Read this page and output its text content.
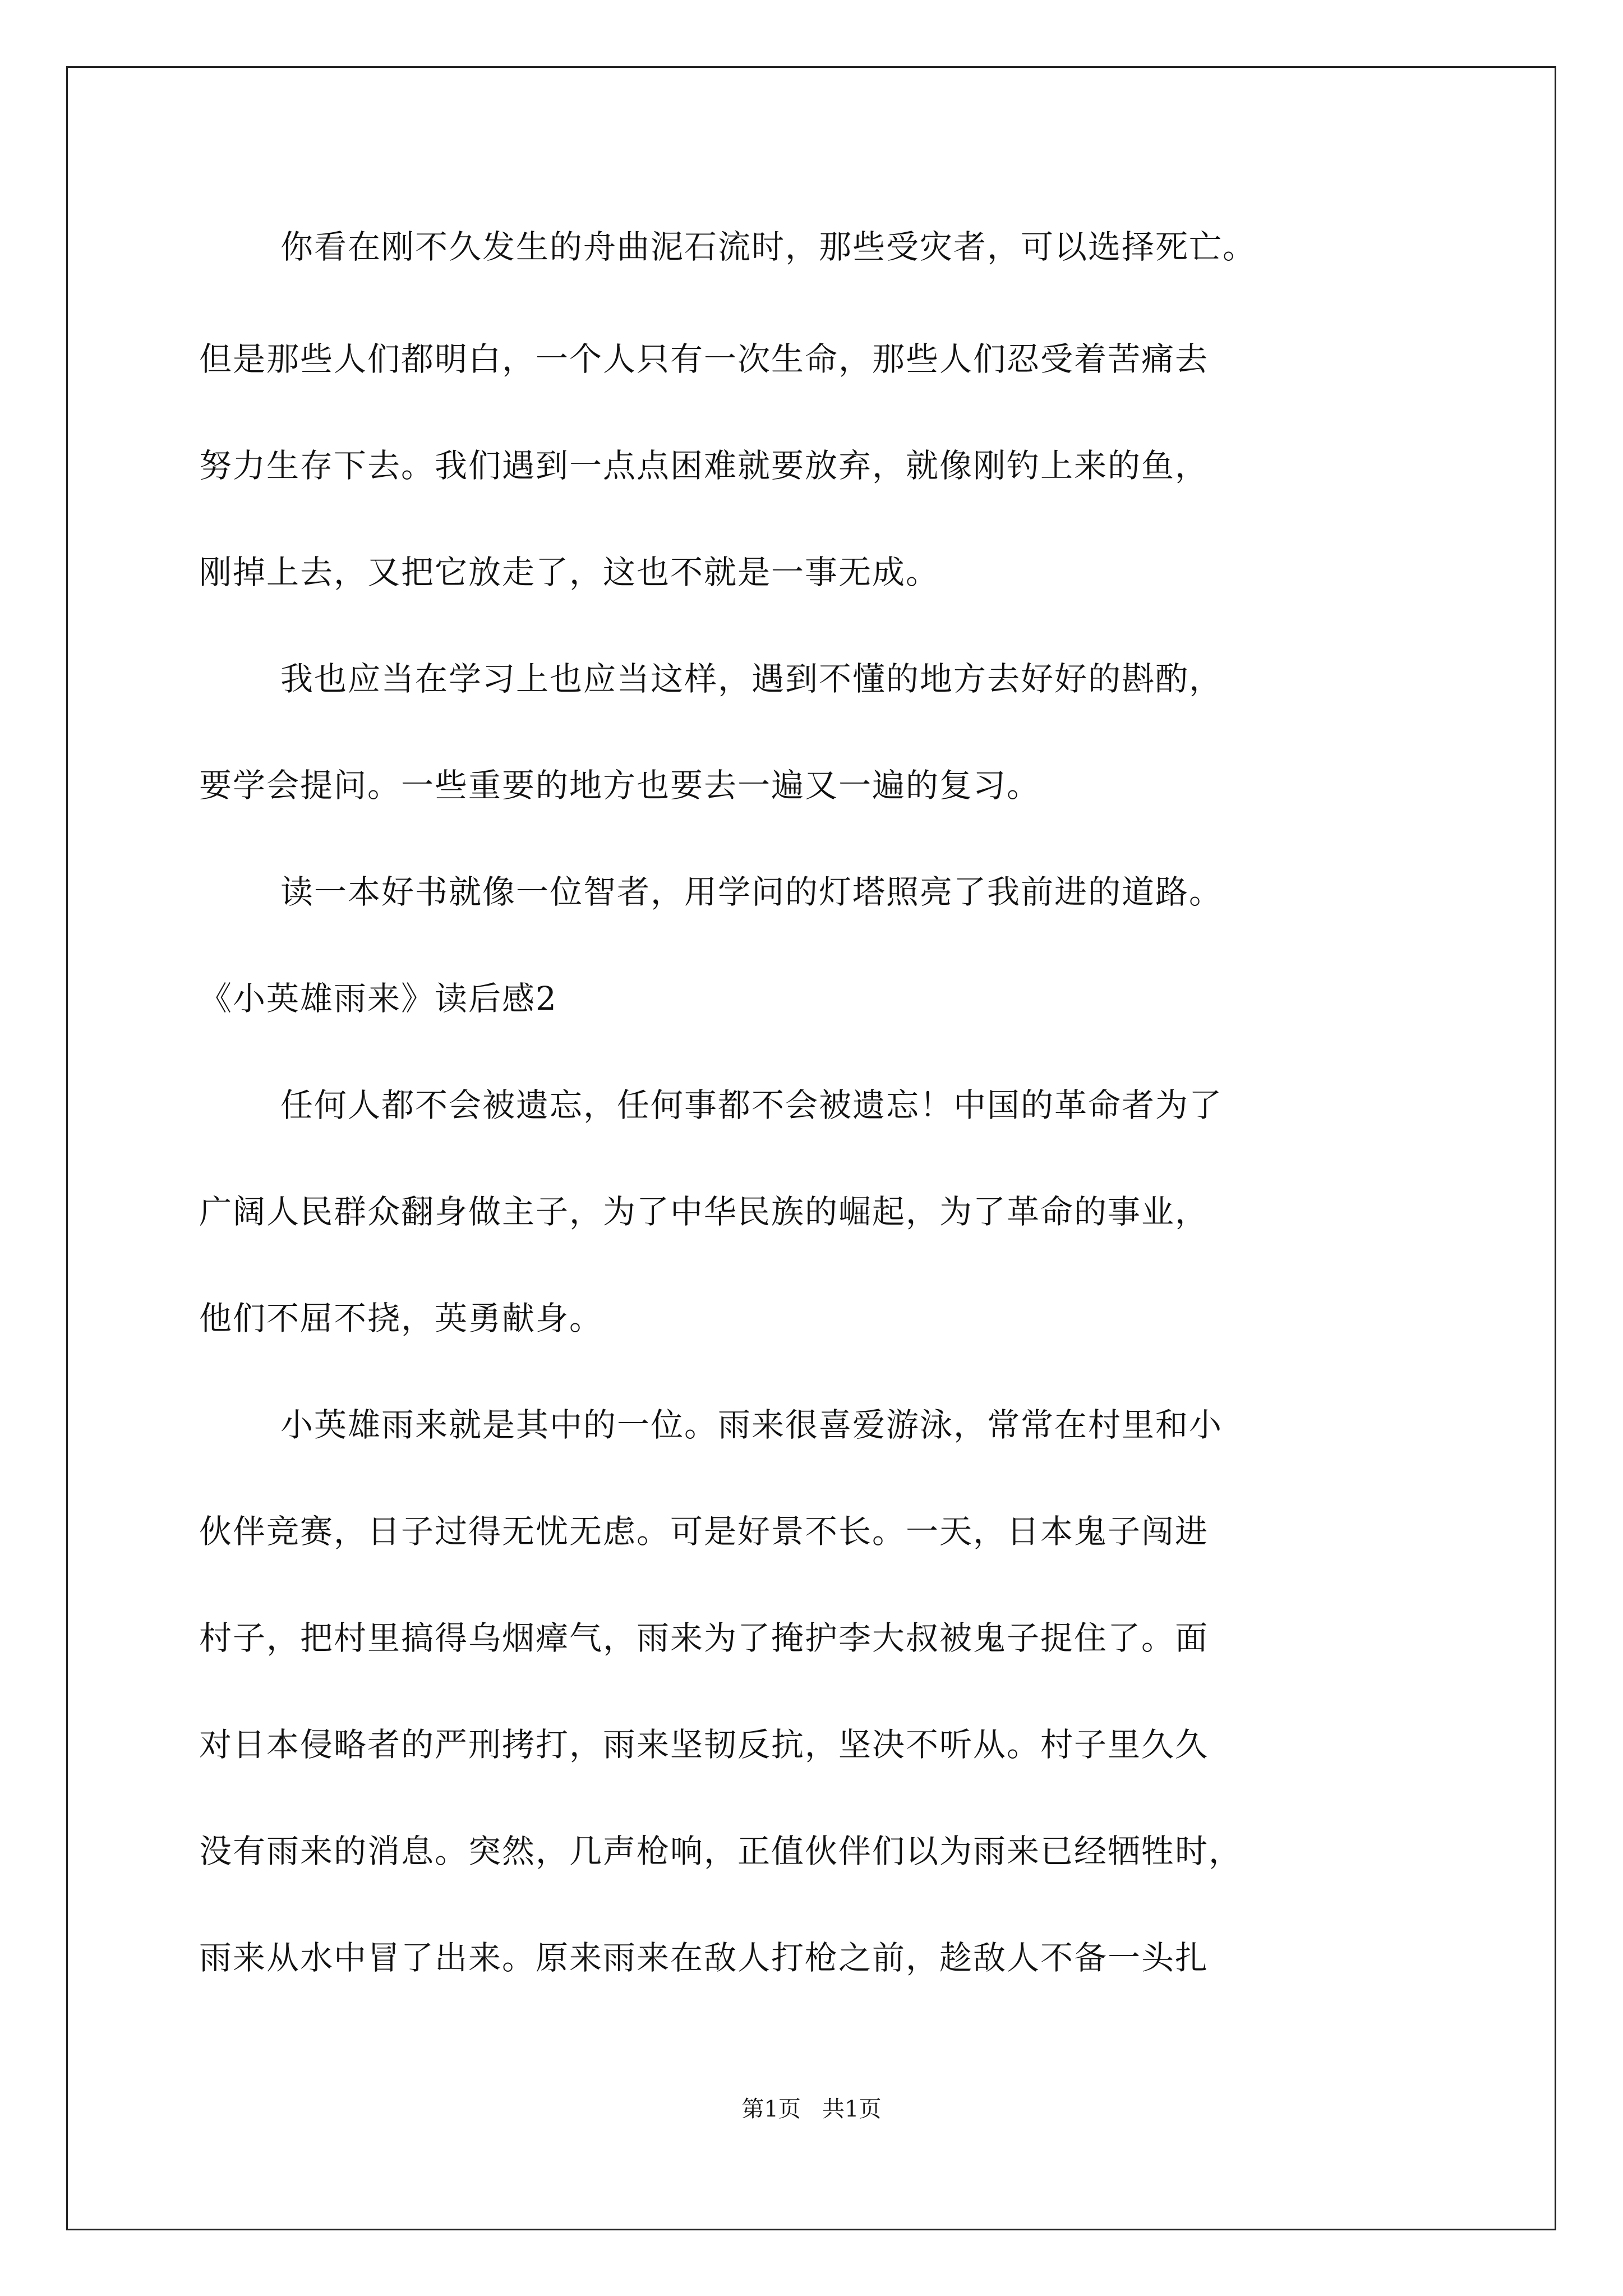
你看在刚不久发生的舟曲泥石流时，那些受灾者，可以选择死亡。
但是那些人们都明白，一个人只有一次生命，那些人们忍受着苦痛去
努力生存下去。我们遇到一点点困难就要放弃，就像刚钓上来的鱼，
刚掉上去，又把它放走了，这也不就是一事无成。
我也应当在学习上也应当这样，遇到不懂的地方去好好的斟酌，
要学会提问。一些重要的地方也要去一遍又一遍的复习。
读一本好书就像一位智者，用学问的灯塔照亮了我前进的道路。
《小英雄雨来》读后感2
任何人都不会被遗忘，任何事都不会被遗忘！中国的革命者为了
广阔人民群众翻身做主子，为了中华民族的崛起，为了革命的事业，
他们不屈不挠，英勇献身。
小英雄雨来就是其中的一位。雨来很喜爱游泳，常常在村里和小
伙伴竞赛，日子过得无忧无虑。可是好景不长。一天，日本鬼子闯进
村子，把村里搞得乌烟瘴气，雨来为了掩护李大叔被鬼子捉住了。面
对日本侵略者的严刑拷打，雨来坚韧反抗，坚决不听从。村子里久久
没有雨来的消息。突然，几声枪响，正值伙伴们以为雨来已经牺牲时，
雨来从水中冒了出来。原来雨来在敌人打枪之前，趁敌人不备一头扎
第1页   共1页
